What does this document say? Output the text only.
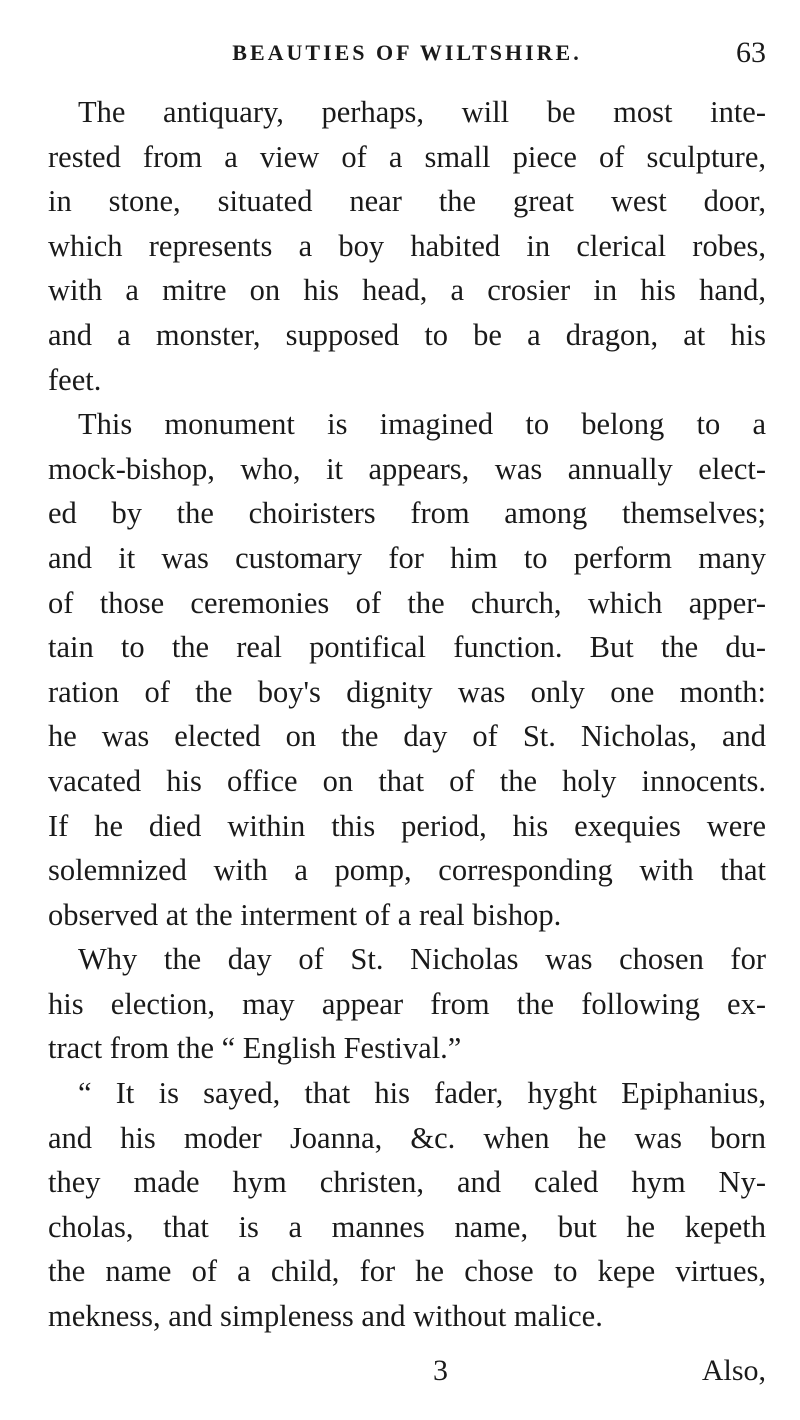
BEAUTIES OF WILTSHIRE.	63
The antiquary, perhaps, will be most inte-
rested from a view of a small piece of sculpture,
in stone, situated near the great west door,
which represents a boy habited in clerical robes,
with a mitre on his head, a crosier in his hand,
and a monster, supposed to be a dragon, at his
feet.
This monument is imagined to belong to a
mock-bishop, who, it appears, was annually elect-
ed by the choiristers from among themselves;
and it was customary for him to perform many
of those ceremonies of the church, which apper-
tain to the real pontifical function. But the du-
ration of the boy's dignity was only one month:
he was elected on the day of St. Nicholas, and
vacated his office on that of the holy innocents.
If he died within this period, his exequies were
solemnized with a pomp, corresponding with that
observed at the interment of a real bishop.
Why the day of St. Nicholas was chosen for
his election, may appear from the following ex-
tract from the “ English Festival.”
“ It is sayed, that his fader, hyght Epiphanius,
and his moder Joanna, &c. when he was born
they made hym christen, and caled hym Ny-
cholas, that is a mannes name, but he kepeth
the name of a child, for he chose to kepe virtues,
mekness, and simpleness and without malice.
3	Also,
